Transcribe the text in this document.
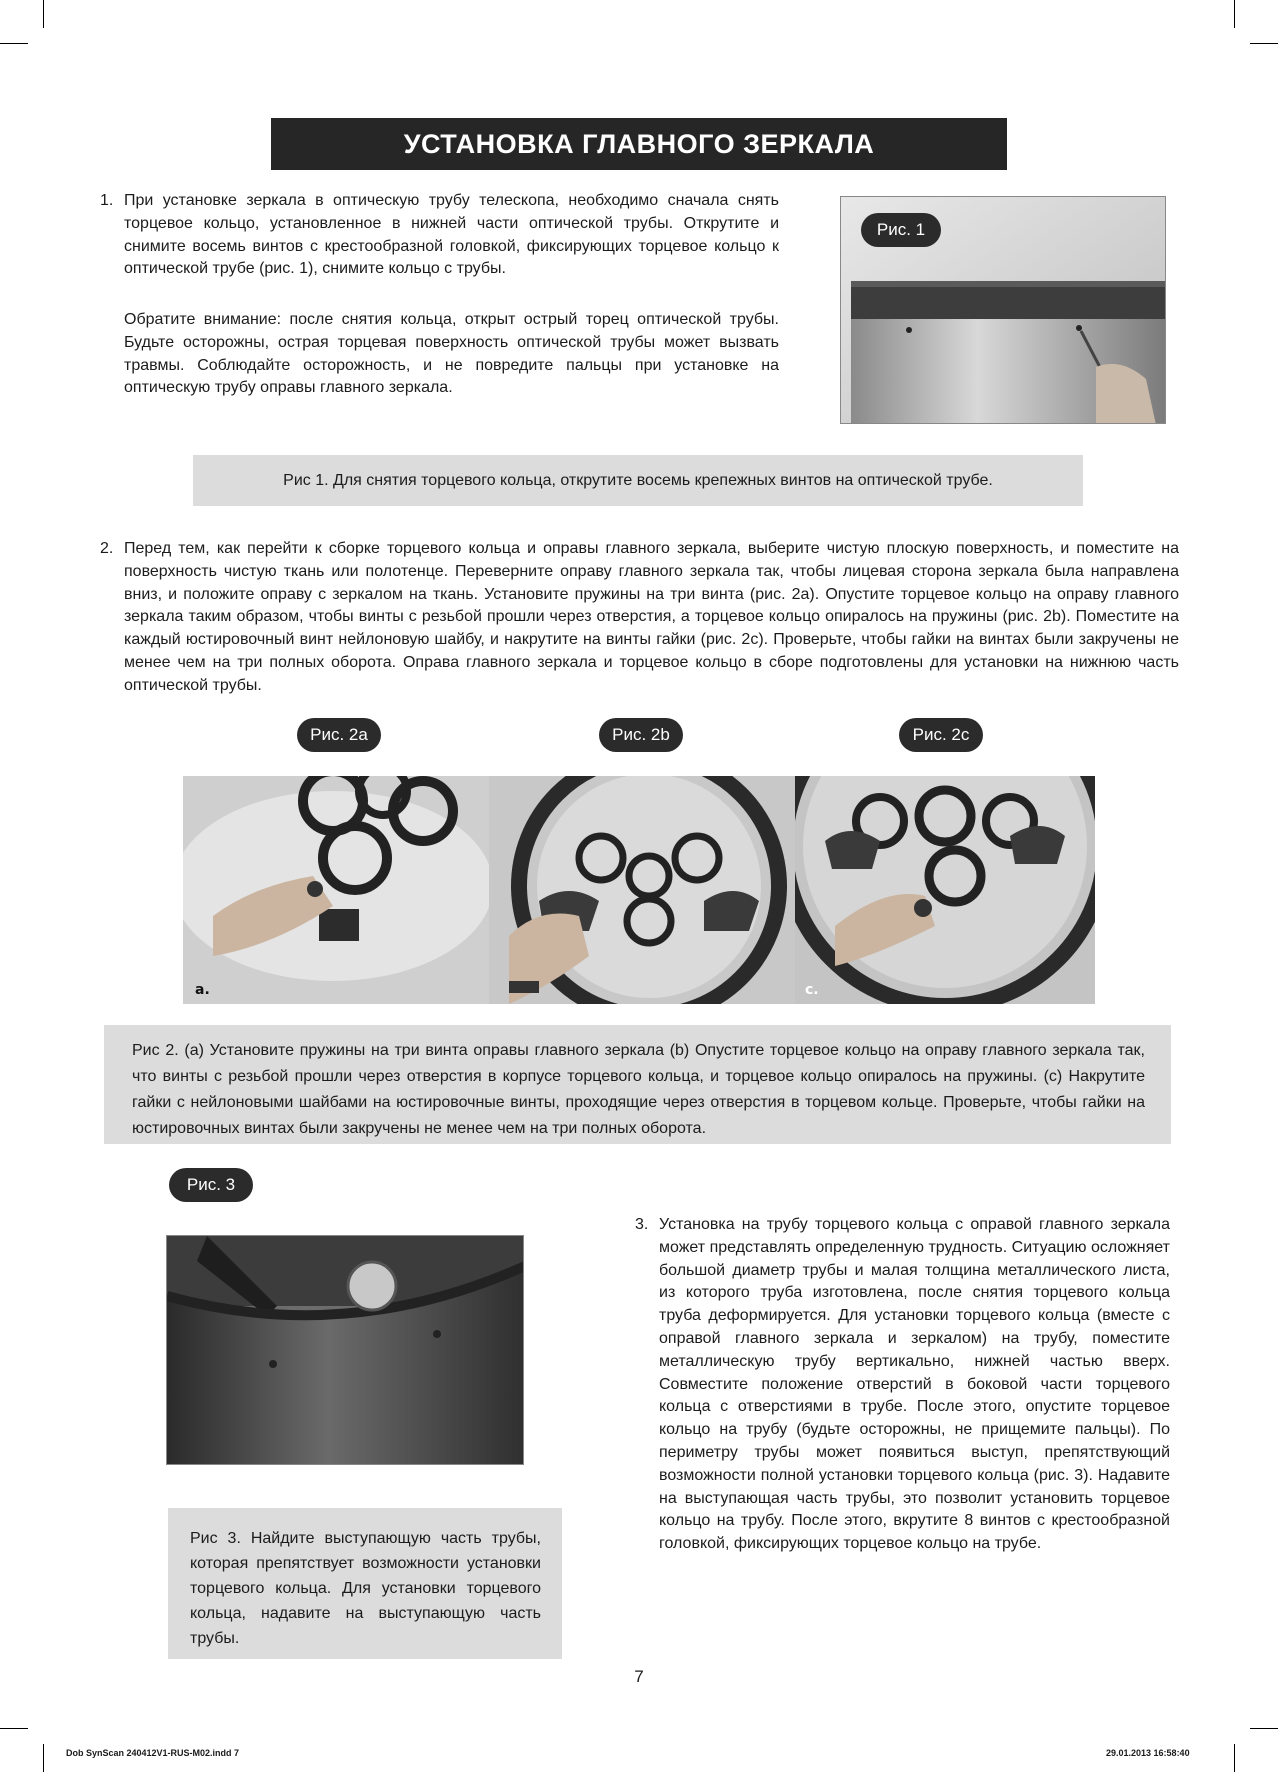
УСТАНОВКА ГЛАВНОГО ЗЕРКАЛА
1. При установке зеркала в оптическую трубу телескопа, необходимо сначала снять торцевое кольцо, установленное в нижней части оптической трубы. Открутите и снимите восемь винтов с крестообразной головкой, фиксирующих торцевое кольцо к оптической трубе (рис. 1), снимите кольцо с трубы.
Обратите внимание: после снятия кольца, открыт острый торец оптической трубы. Будьте осторожны, острая торцевая поверхность оптической трубы может вызвать травмы. Соблюдайте осторожность, и не повредите пальцы при установке на оптическую трубу оправы главного зеркала.
Рис. 1
Рис 1. Для снятия торцевого кольца, открутите восемь крепежных винтов на оптической трубе.
2. Перед тем, как перейти к сборке торцевого кольца и оправы главного зеркала, выберите чистую плоскую поверхность, и поместите на поверхность чистую ткань или полотенце. Переверните оправу главного зеркала так, чтобы лицевая сторона зеркала была направлена вниз, и положите оправу с зеркалом на ткань. Установите пружины на три винта (рис. 2а). Опустите торцевое кольцо на оправу главного зеркала таким образом, чтобы винты с резьбой прошли через отверстия, а торцевое кольцо опиралось на пружины (рис. 2b). Поместите на каждый юстировочный винт нейлоновую шайбу, и накрутите на винты гайки (рис. 2с). Проверьте, чтобы гайки на винтах были закручены не менее чем на три полных оборота. Оправа главного зеркала и торцевое кольцо в сборе подготовлены для установки на нижнюю часть оптической трубы.
Рис. 2a	Рис. 2b	Рис. 2c
a.	c.
Рис 2. (a) Установите пружины на три винта оправы главного зеркала (b) Опустите торцевое кольцо на оправу главного зеркала так, что винты с резьбой прошли через отверстия в корпусе торцевого кольца, и торцевое кольцо опиралось на пружины. (c) Накрутите гайки с нейлоновыми шайбами на юстировочные винты, проходящие через отверстия в торцевом кольце. Проверьте, чтобы гайки на юстировочных винтах были закручены не менее чем на три полных оборота.
Рис. 3
Рис 3. Найдите выступающую часть трубы, которая препятствует возможности установки торцевого кольца. Для установки торцевого кольца, надавите на выступающую часть трубы.
3. Установка на трубу торцевого кольца с оправой главного зеркала может представлять определенную трудность. Ситуацию осложняет большой диаметр трубы и малая толщина металлического листа, из которого труба изготовлена, после снятия торцевого кольца труба деформируется. Для установки торцевого кольца (вместе с оправой главного зеркала и зеркалом) на трубу, поместите металлическую трубу вертикально, нижней частью вверх. Совместите положение отверстий в боковой части торцевого кольца с отверстиями в трубе. После этого, опустите торцевое кольцо на трубу (будьте осторожны, не прищемите пальцы). По периметру трубы может появиться выступ, препятствующий возможности полной установки торцевого кольца (рис. 3). Надавите на выступающая часть трубы, это позволит установить торцевое кольцо на трубу. После этого, вкрутите 8 винтов с крестообразной головкой, фиксирующих торцевое кольцо на трубе.
7
Dob SynScan 240412V1-RUS-M02.indd 7	29.01.2013 16:58:40
